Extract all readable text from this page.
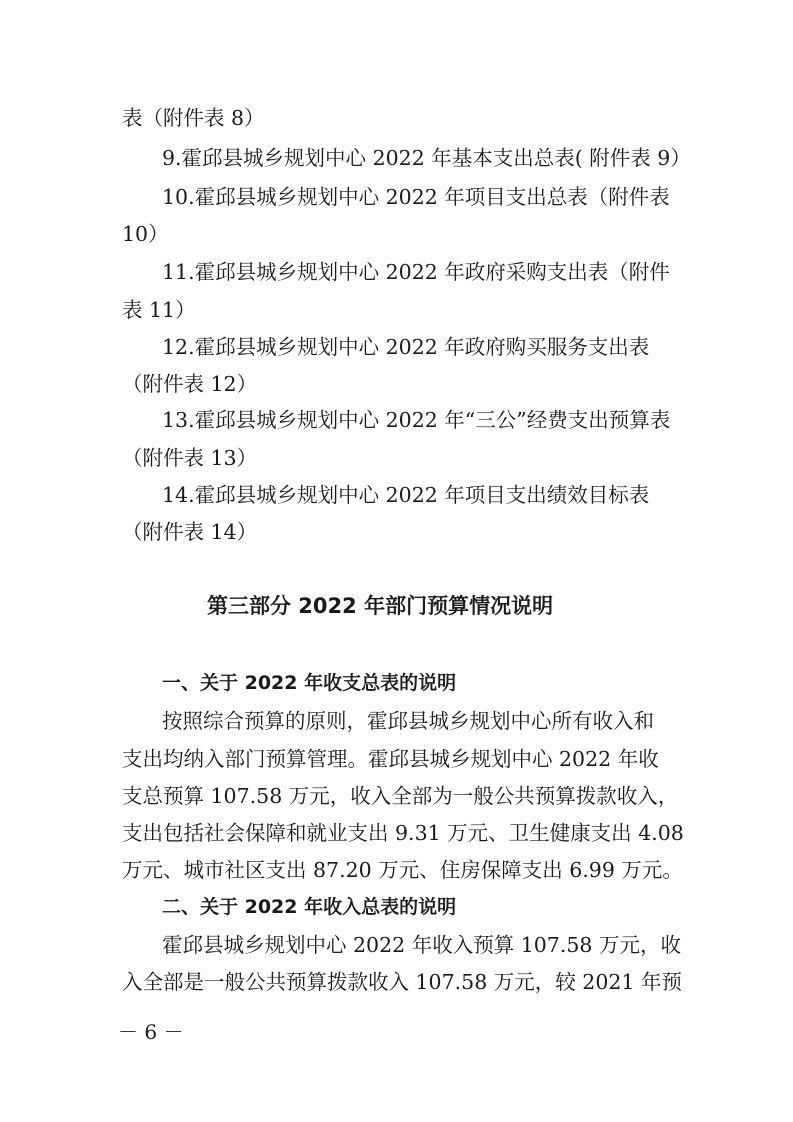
表（附件表 8）
9.霍邱县城乡规划中心 2022 年基本支出总表( 附件表 9）
10.霍邱县城乡规划中心 2022 年项目支出总表（附件表
10）
11.霍邱县城乡规划中心 2022 年政府采购支出表（附件
表 11）
12.霍邱县城乡规划中心 2022 年政府购买服务支出表
（附件表 12）
13.霍邱县城乡规划中心 2022 年“三公”经费支出预算表
（附件表 13）
14.霍邱县城乡规划中心 2022 年项目支出绩效目标表
（附件表 14）
第三部分 2022 年部门预算情况说明
一、关于 2022 年收支总表的说明
按照综合预算的原则，霍邱县城乡规划中心所有收入和
支出均纳入部门预算管理。霍邱县城乡规划中心 2022 年收
支总预算 107.58 万元，收入全部为一般公共预算拨款收入，
支出包括社会保障和就业支出 9.31 万元、卫生健康支出 4.08
万元、城市社区支出 87.20 万元、住房保障支出 6.99 万元。
二、关于 2022 年收入总表的说明
霍邱县城乡规划中心 2022 年收入预算 107.58 万元，收
入全部是一般公共预算拨款收入 107.58 万元，较 2021 年预
－ 6 －
